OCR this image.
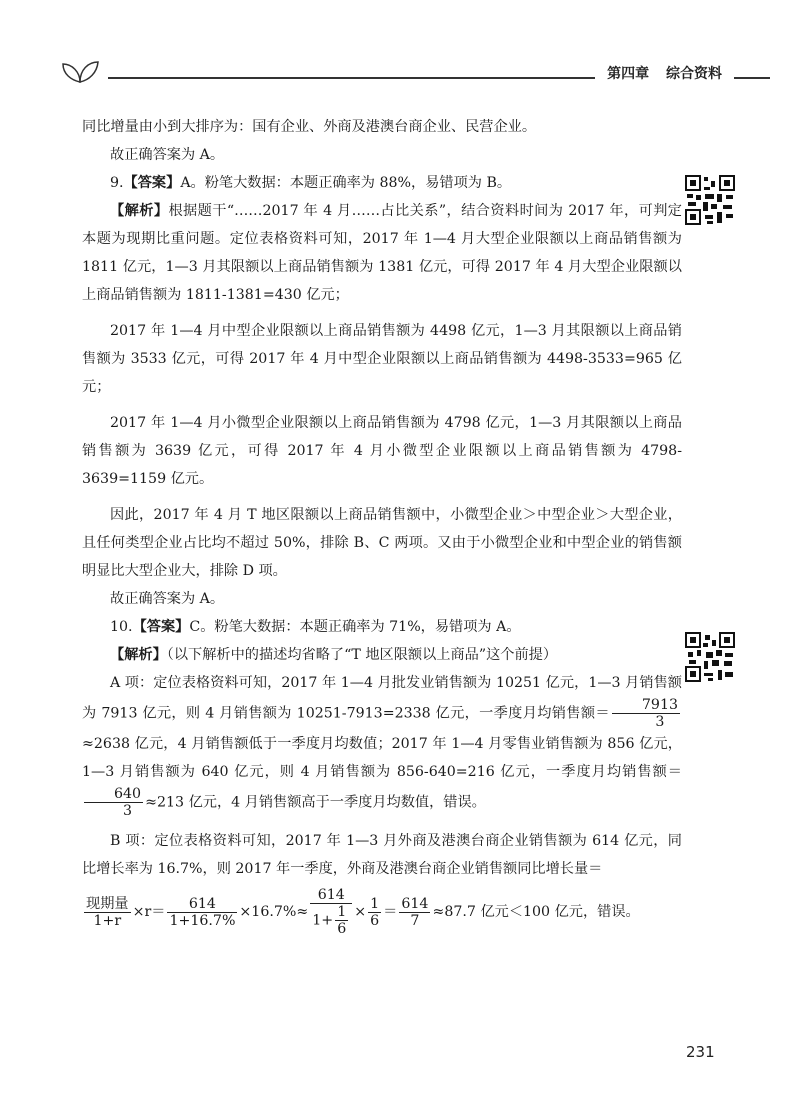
第四章 综合资料

同比增量由小到大排序为：国有企业、外商及港澳台商企业、民营企业。

故正确答案为 A。

9.【答案】A。粉笔大数据：本题正确率为 88%，易错项为 B。

【解析】根据题干“……2017 年 4 月……占比关系”，结合资料时间为 2017 年，可判定本题为现期比重问题。定位表格资料可知，2017 年 1—4 月大型企业限额以上商品销售额为 1811 亿元，1—3 月其限额以上商品销售额为 1381 亿元，可得 2017 年 4 月大型企业限额以上商品销售额为 1811-1381=430 亿元；

2017 年 1—4 月中型企业限额以上商品销售额为 4498 亿元，1—3 月其限额以上商品销售额为 3533 亿元，可得 2017 年 4 月中型企业限额以上商品销售额为 4498-3533=965 亿元；

2017 年 1—4 月小微型企业限额以上商品销售额为 4798 亿元，1—3 月其限额以上商品销售额为 3639 亿元，可得 2017 年 4 月小微型企业限额以上商品销售额为 4798-3639=1159 亿元。

因此，2017 年 4 月 T 地区限额以上商品销售额中，小微型企业＞中型企业＞大型企业，且任何类型企业占比均不超过 50%，排除 B、C 两项。又由于小微型企业和中型企业的销售额明显比大型企业大，排除 D 项。

故正确答案为 A。

10.【答案】C。粉笔大数据：本题正确率为 71%，易错项为 A。

【解析】（以下解析中的描述均省略了“T 地区限额以上商品”这个前提）

A 项：定位表格资料可知，2017 年 1—4 月批发业销售额为 10251 亿元，1—3 月销售额为 7913 亿元，则 4 月销售额为 10251-7913=2338 亿元，一季度月均销售额＝ $\frac{7913}{3}$
≈2638 亿元，4 月销售额低于一季度月均数值；2017 年 1—4 月零售业销售额为 856 亿元，1—3 月销售额为 640 亿元，则 4 月销售额为 856-640=216 亿元，一季度月均销售额＝
$\frac{640}{3} \approx 213$ 亿元，4 月销售额高于一季度月均数值，错误。

B 项：定位表格资料可知，2017 年 1—3 月外商及港澳台商企业销售额为 614 亿元，同比增长率为 16.7%，则 2017 年一季度，外商及港澳台商企业销售额同比增长量＝

$\frac{\text{现期量}}{1+r} \times r= \frac{614}{1+16.7\%} \times 16.7\%\approx \frac{614}{1+ \frac{1}{6}} \times \frac{1}{6} = \frac{614}{7} \approx 87.7$ 亿元＜100 亿元，错误。

231
